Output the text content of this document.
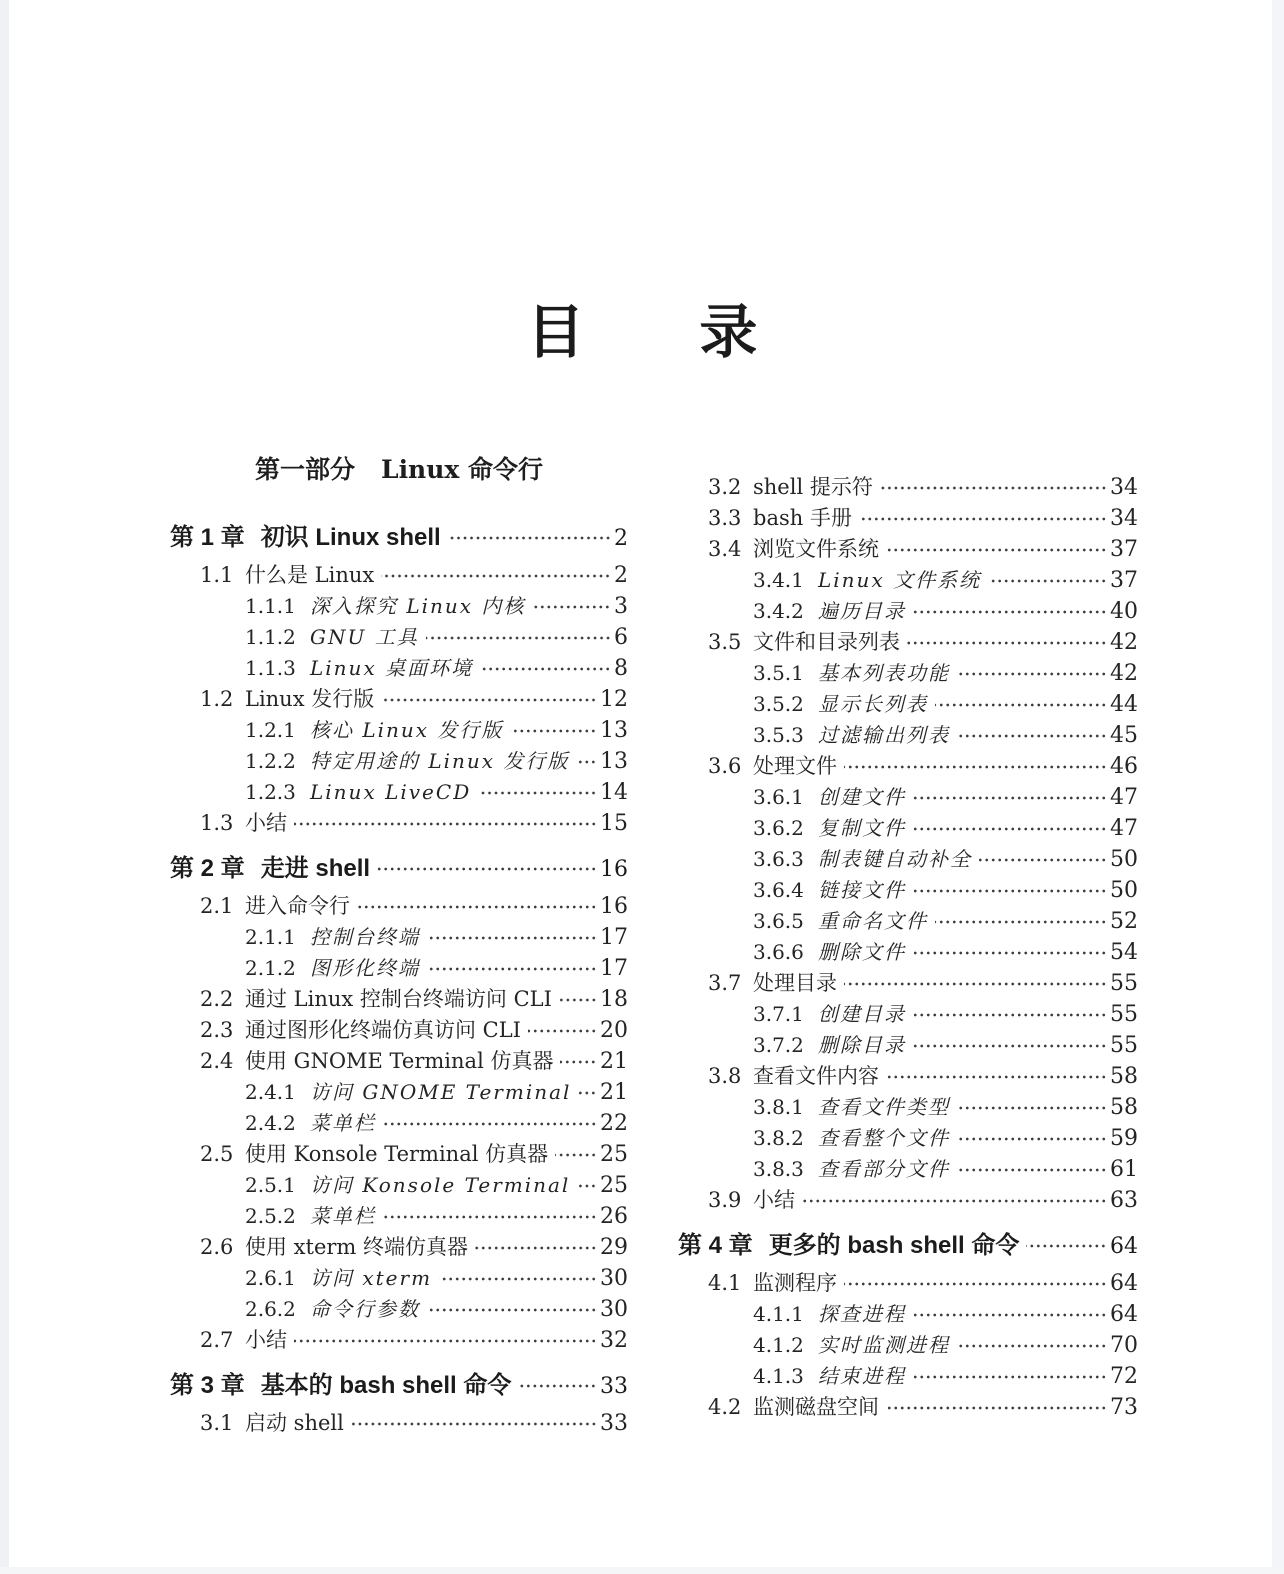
目 录
第一部分 Linux 命令行
第 1 章 初识 Linux shell	2
1.1 什么是 Linux	2
1.1.1 深入探究 Linux 内核	3
1.1.2 GNU 工具	6
1.1.3 Linux 桌面环境	8
1.2 Linux 发行版	12
1.2.1 核心 Linux 发行版	13
1.2.2 特定用途的 Linux 发行版 13
1.2.3 Linux LiveCD	14
1.3 小结	15
第 2 章 走进 shell	16
2.1 进入命令行	16
2.1.1 控制台终端	17
2.1.2 图形化终端	17
2.2 通过 Linux 控制台终端访问 CLI 18
2.3 通过图形化终端仿真访问 CLI	20
2.4 使用 GNOME Terminal 仿真器 21
2.4.1 访问 GNOME Terminal 21
2.4.2 菜单栏	22
2.5 使用 Konsole Terminal 仿真器 25
2.5.1 访问 Konsole Terminal 25
2.5.2 菜单栏	26
2.6 使用 xterm 终端仿真器	29
2.6.1 访问 xterm	30
2.6.2 命令行参数	30
2.7 小结	32
第 3 章 基本的 bash shell 命令	33
3.1 启动 shell	33
3.2 shell 提示符	34
3.3 bash 手册	34
3.4 浏览文件系统	37
3.4.1 Linux 文件系统	37
3.4.2 遍历目录	40
3.5 文件和目录列表	42
3.5.1 基本列表功能	42
3.5.2 显示长列表	44
3.5.3 过滤输出列表	45
3.6 处理文件	46
3.6.1 创建文件	47
3.6.2 复制文件	47
3.6.3 制表键自动补全	50
3.6.4 链接文件	50
3.6.5 重命名文件	52
3.6.6 删除文件	54
3.7 处理目录	55
3.7.1 创建目录	55
3.7.2 删除目录	55
3.8 查看文件内容	58
3.8.1 查看文件类型	58
3.8.2 查看整个文件	59
3.8.3 查看部分文件	61
3.9 小结	63
第 4 章 更多的 bash shell 命令	64
4.1 监测程序	64
4.1.1 探查进程	64
4.1.2 实时监测进程	70
4.1.3 结束进程	72
4.2 监测磁盘空间	73
